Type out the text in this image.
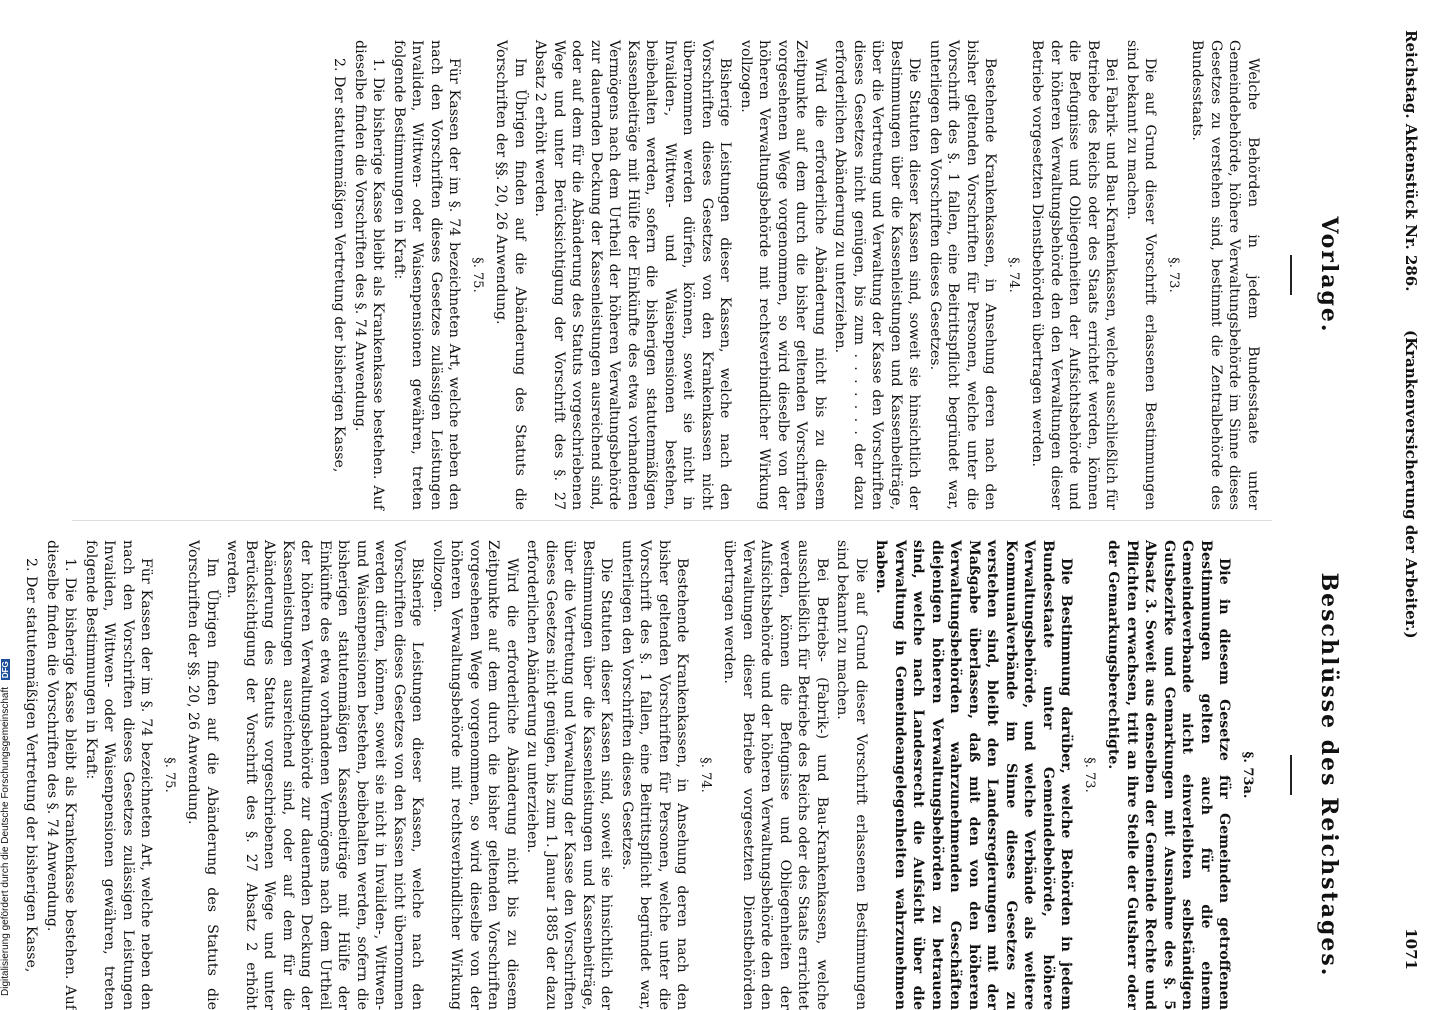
Reichstag. Aktenstück Nr. 286.
(Krankenversicherung der Arbeiter.)
1071
Vorlage.
Beschlüsse des Reichstages.

Welche Behörden in jedem Bundesstaate unter Gemeindebehörde, höhere Verwaltungsbehörde im Sinne dieses Gesetzes zu verstehen sind, bestimmt die Zentralbehörde des Bundesstaats.

§. 73.

Die auf Grund dieser Vorschrift erlassenen Bestimmungen sind bekannt zu machen.

Bei Fabrik- und Bau-Krankenkassen, welche ausschließlich für Betriebe des Reichs oder des Staats errichtet werden, können die Befugnisse und Obliegenheiten der Aufsichtsbehörde und der höheren Verwaltungsbehörde den den Verwaltungen dieser Betriebe vorgesetzten Dienstbehörden übertragen werden.

§. 74.

Bestehende Krankenkassen, in Ansehung deren nach den bisher geltenden Vorschriften für Personen, welche unter die Vorschrift des §. 1 fallen, eine Beitrittspflicht begründet war, unterliegen den Vorschriften dieses Gesetzes.

Die Statuten dieser Kassen sind, soweit sie hinsichtlich der Bestimmungen über die Kassenleistungen und Kassenbeiträge, über die Vertretung und Verwaltung der Kasse den Vorschriften dieses Gesetzes nicht genügen, bis zum . . . . . . . der dazu erforderlichen Abänderung zu unterziehen.

Wird die erforderliche Abänderung nicht bis zu diesem Zeitpunkte auf dem durch die bisher geltenden Vorschriften vorgesehenen Wege vorgenommen, so wird dieselbe von der höheren Verwaltungsbehörde mit rechtsverbindlicher Wirkung vollzogen.

Bisherige Leistungen dieser Kassen, welche nach den Vorschriften dieses Gesetzes von den Krankenkassen nicht übernommen werden dürfen, können, soweit sie nicht in Invaliden-, Wittwen- und Waisenpensionen bestehen, beibehalten werden, sofern die bisherigen statutenmäßigen Kassenbeiträge mit Hülfe der Einkünfte des etwa vorhandenen Vermögens nach dem Urtheil der höheren Verwaltungsbehörde zur dauernden Deckung der Kassenleistungen ausreichend sind, oder auf dem für die Abänderung des Statuts vorgeschriebenen Wege und unter Berücksichtigung der Vorschrift des §. 27 Absatz 2 erhöht werden.

Im Übrigen finden auf die Abänderung des Statuts die Vorschriften der §§. 20, 26 Anwendung.

§. 75.

Für Kassen der im §. 74 bezeichneten Art, welche neben den nach den Vorschriften dieses Gesetzes zulässigen Leistungen Invaliden, Wittwen- oder Waisenpensionen gewähren, treten folgende Bestimmungen in Kraft:

1. Die bisherige Kasse bleibt als Krankenkasse bestehen. Auf dieselbe finden die Vorschriften des §. 74 Anwendung.

2. Der statutenmäßigen Vertretung der bisherigen Kasse,

§. 73a.

Die in diesem Gesetze für Gemeinden getroffenen Bestimmungen gelten auch für die einem Gemeindeverbande nicht einverleibten selbständigen Gutsbezirke und Gemarkungen mit Ausnahme des §. 5 Absatz 3. Soweit aus denselben der Gemeinde Rechte und Pflichten erwachsen, tritt an ihre Stelle der Gutsherr oder der Gemarkungsberechtigte.

§. 73.

Die Bestimmung darüber, welche Behörden in jedem Bundesstaate unter Gemeindebehörde, höhere Verwaltungsbehörde, und welche Verbände als weitere Kommunalverbände im Sinne dieses Gesetzes zu verstehen sind, bleibt den Landesregierungen mit der Maßgabe überlassen, daß mit den von den höheren Verwaltungsbehörden wahrzunehmenden Geschäften diejenigen höheren Verwaltungsbehörden zu betrauen sind, welche nach Landesrecht die Aufsicht über die Verwaltung in Gemeindeangelegenheiten wahrzunehmen haben.

Die auf Grund dieser Vorschrift erlassenen Bestimmungen sind bekannt zu machen.

Bei Betriebs- (Fabrik-) und Bau-Krankenkassen, welche ausschließlich für Betriebe des Reichs oder des Staats errichtet werden, können die Befugnisse und Obliegenheiten der Aufsichtsbehörde und der höheren Verwaltungsbehörde den den Verwaltungen dieser Betriebe vorgesetzten Dienstbehörden übertragen werden.

§. 74.

Bestehende Krankenkassen, in Ansehung deren nach den bisher geltenden Vorschriften für Personen, welche unter die Vorschrift des §. 1 fallen, eine Beitrittspflicht begründet war, unterliegen den Vorschriften dieses Gesetzes.

Die Statuten dieser Kassen sind, soweit sie hinsichtlich der Bestimmungen über die Kassenleistungen und Kassenbeiträge, über die Vertretung und Verwaltung der Kasse den Vorschriften dieses Gesetzes nicht genügen, bis zum 1. Januar 1885 der dazu erforderlichen Abänderung zu unterziehen.

Wird die erforderliche Abänderung nicht bis zu diesem Zeitpunkte auf dem durch die bisher geltenden Vorschriften vorgesehenen Wege vorgenommen, so wird dieselbe von der höheren Verwaltungsbehörde mit rechtsverbindlicher Wirkung vollzogen.

Bisherige Leistungen dieser Kassen, welche nach den Vorschriften dieses Gesetzes von den Kassen nicht übernommen werden dürfen, können, soweit sie nicht in Invaliden-, Wittwen- und Waisenpensionen bestehen, beibehalten werden, sofern die bisherigen statutenmäßigen Kassenbeiträge mit Hülfe der Einkünfte des etwa vorhandenen Vermögens nach dem Urtheil der höheren Verwaltungsbehörde zur dauernden Deckung der Kassenleistungen ausreichend sind, oder auf dem für die Abänderung des Statuts vorgeschriebenen Wege und unter Berücksichtigung der Vorschrift des §. 27 Absatz 2 erhöht werden.

Im Übrigen finden auf die Abänderung des Statuts die Vorschriften der §§. 20, 26 Anwendung.

§. 75.

Für Kassen der im §. 74 bezeichneten Art, welche neben den nach den Vorschriften dieses Gesetzes zulässigen Leistungen Invaliden, Wittwen- oder Waisenpensionen gewähren, treten folgende Bestimmungen in Kraft:

1. Die bisherige Kasse bleibt als Krankenkasse bestehen. Auf dieselbe finden die Vorschriften des §. 74 Anwendung.

2. Der statutenmäßigen Vertretung der bisherigen Kasse,

Digitalisierung gefördert durch die Deutsche Forschungsgemeinschaft DFG
